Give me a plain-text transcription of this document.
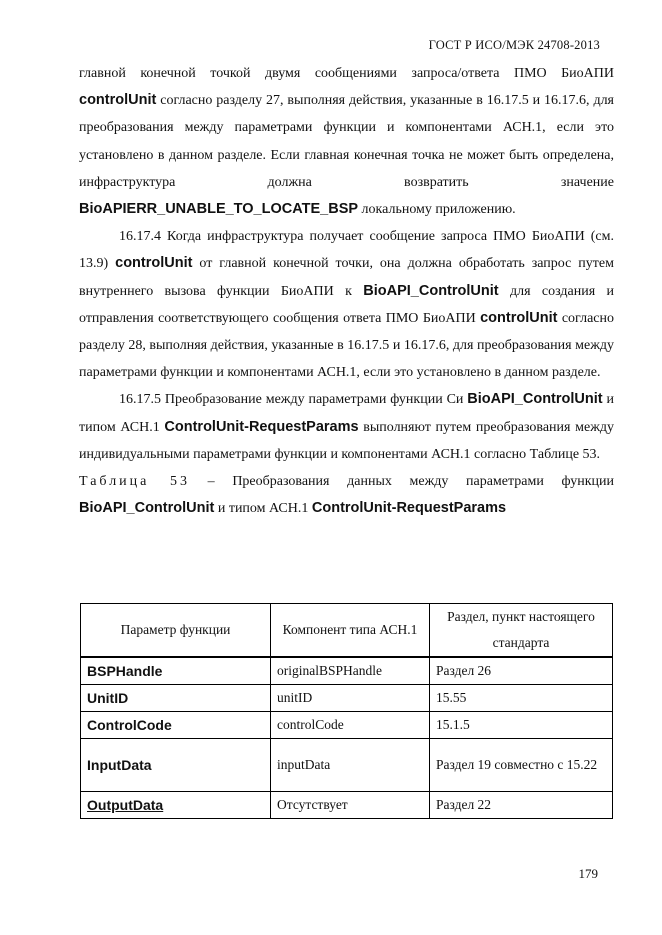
ГОСТ Р ИСО/МЭК 24708-2013

главной конечной точкой двумя сообщениями запроса/ответа ПМО БиоАПИ controlUnit согласно разделу 27, выполняя действия, указанные в 16.17.5 и 16.17.6, для преобразования между параметрами функции и компонентами АСН.1, если это установлено в данном разделе. Если главная конечная точка не может быть определена, инфраструктура должна возвратить значение BioAPIERR_UNABLE_TO_LOCATE_BSP локальному приложению.

16.17.4 Когда инфраструктура получает сообщение запроса ПМО БиоАПИ (см. 13.9) controlUnit от главной конечной точки, она должна обработать запрос путем внутреннего вызова функции БиоАПИ к BioAPI_ControlUnit для создания и отправления соответствующего сообщения ответа ПМО БиоАПИ controlUnit согласно разделу 28, выполняя действия, указанные в 16.17.5 и 16.17.6, для преобразования между параметрами функции и компонентами АСН.1, если это установлено в данном разделе.

16.17.5 Преобразование между параметрами функции Си BioAPI_ControlUnit и типом АСН.1 ControlUnit-RequestParams выполняют путем преобразования между индивидуальными параметрами функции и компонентами АСН.1 согласно Таблице 53.

Таблица 53 – Преобразования данных между параметрами функции BioAPI_ControlUnit и типом АСН.1 ControlUnit-RequestParams

Параметр функции	Компонент типа АСН.1	Раздел, пункт настоящего стандарта
BSPHandle	originalBSPHandle	Раздел 26
UnitID	unitID	15.55
ControlCode	controlCode	15.1.5
InputData	inputData	Раздел 19 совместно с 15.22
OutputData	Отсутствует	Раздел 22
179
